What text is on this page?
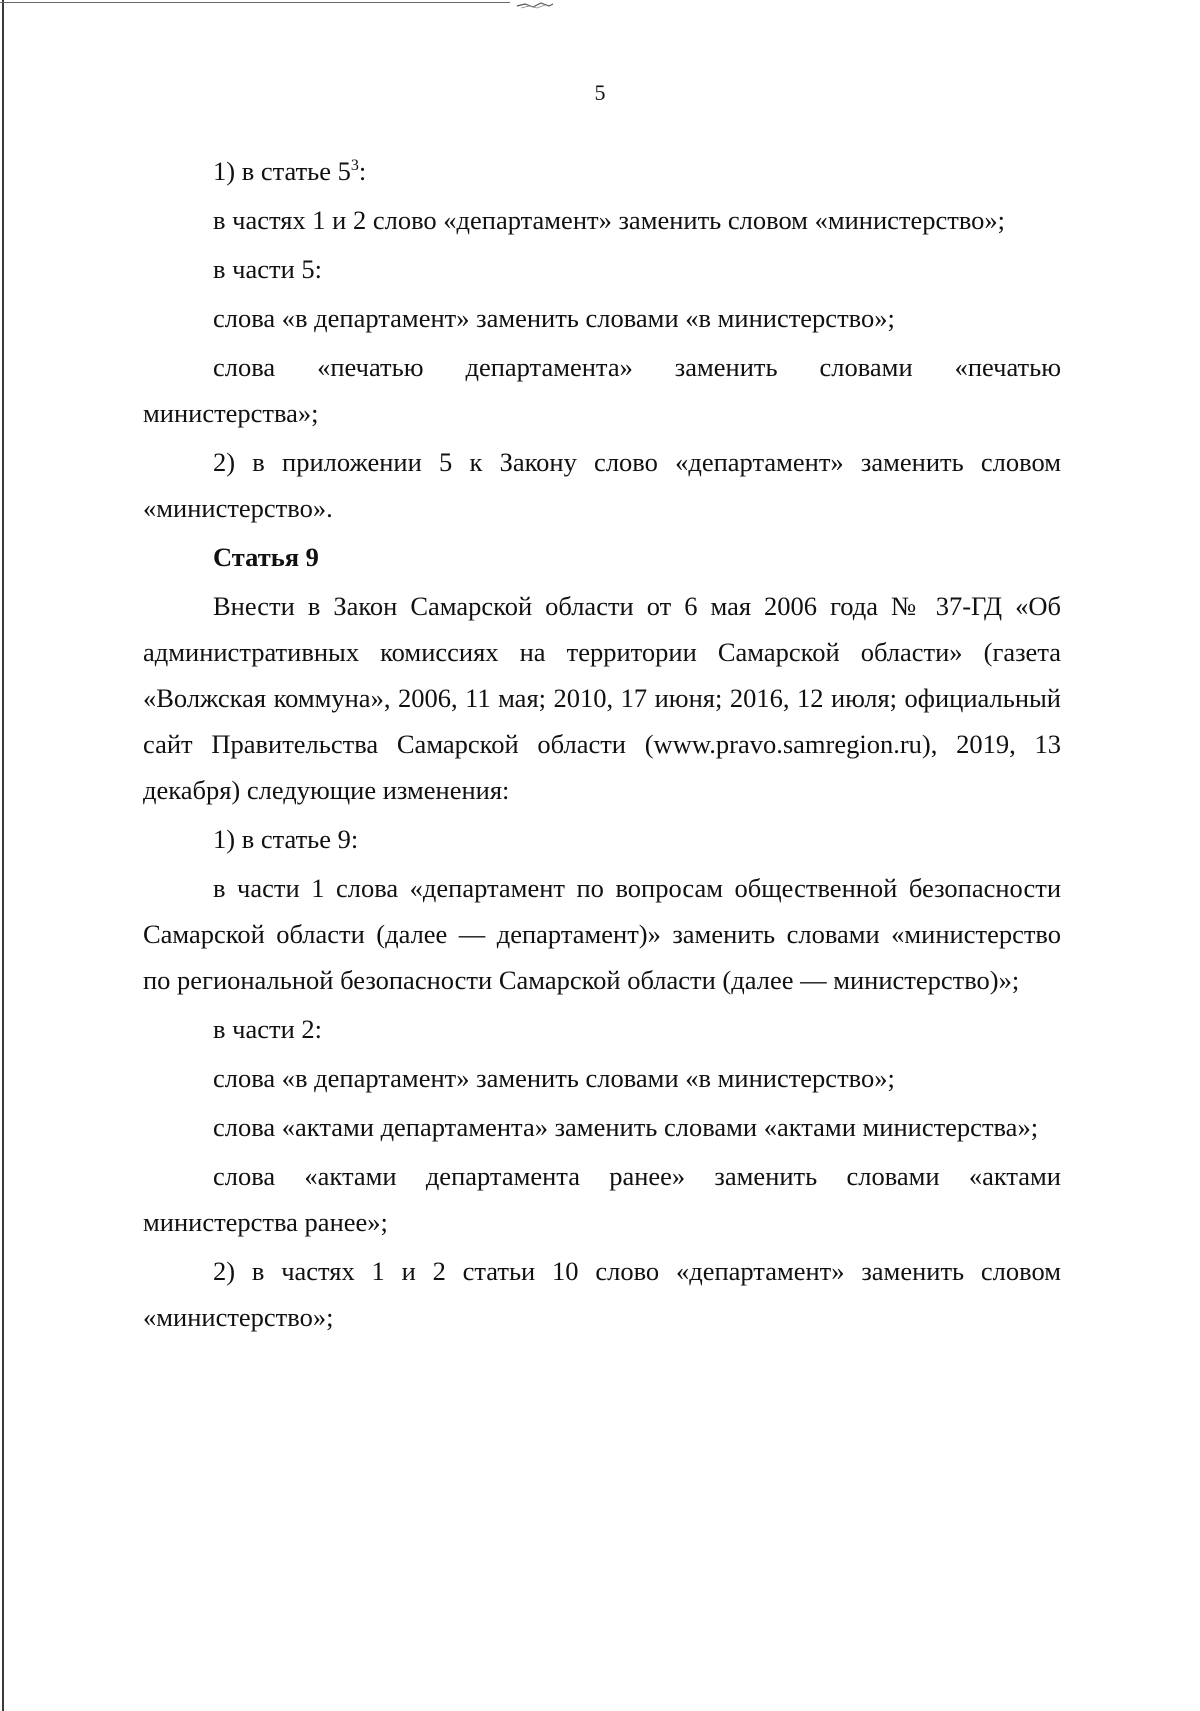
5

1) в статье $5^3$:

в частях 1 и 2 слово «департамент» заменить словом «министерство»;

в части 5:

слова «в департамент» заменить словами «в министерство»;

слова «печатью департамента» заменить словами «печатью министерства»;

2) в приложении 5 к Закону слово «департамент» заменить словом «министерство».

Статья 9

Внести в Закон Самарской области от 6 мая 2006 года № 37-ГД «Об административных комиссиях на территории Самарской области» (газета «Волжская коммуна», 2006, 11 мая; 2010, 17 июня; 2016, 12 июля; официальный сайт Правительства Самарской области (www.pravo.samregion.ru), 2019, 13 декабря) следующие изменения:

1) в статье 9:

в части 1 слова «департамент по вопросам общественной безопасности Самарской области (далее — департамент)» заменить словами «министерство по региональной безопасности Самарской области (далее — министерство)»;

в части 2:

слова «в департамент» заменить словами «в министерство»;

слова «актами департамента» заменить словами «актами министерства»;

слова «актами департамента ранее» заменить словами «актами министерства ранее»;

2) в частях 1 и 2 статьи 10 слово «департамент» заменить словом «министерство»;
